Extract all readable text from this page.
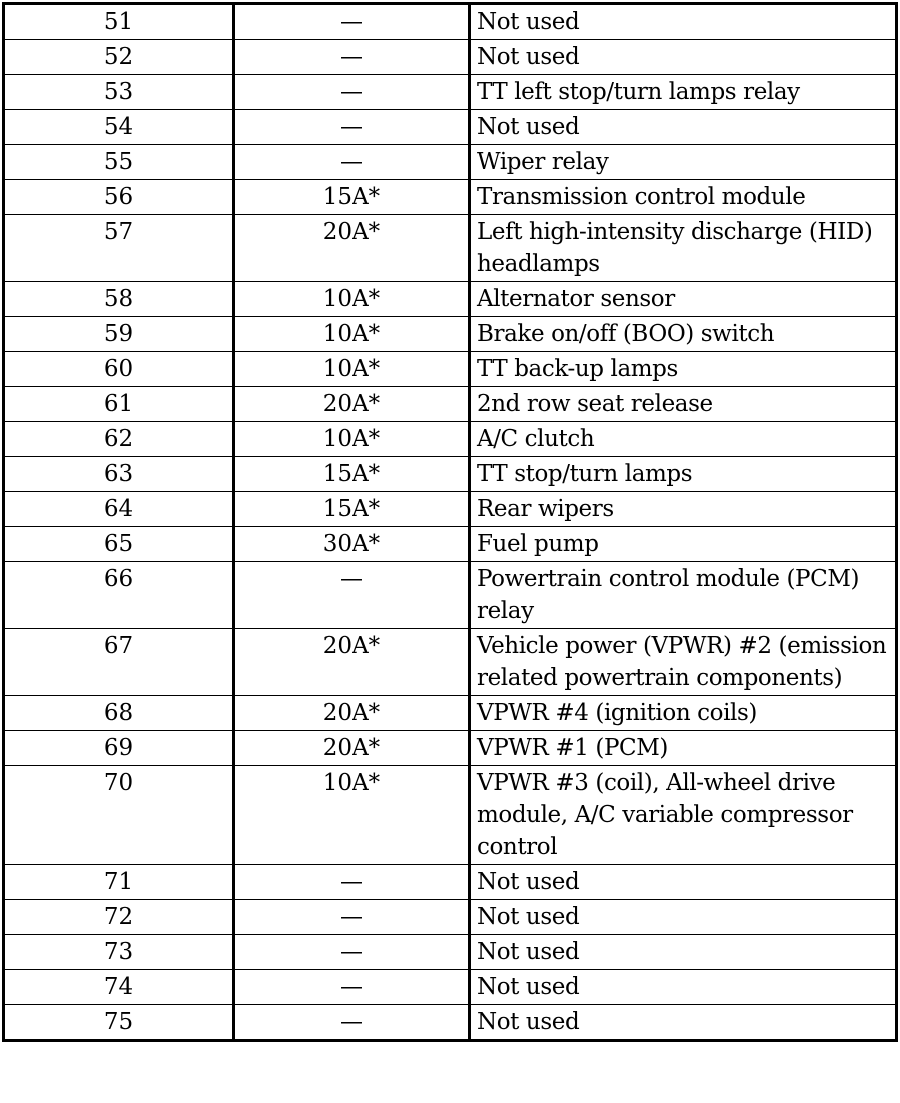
51	—	Not used
52	—	Not used
53	—	TT left stop/turn lamps relay
54	—	Not used
55	—	Wiper relay
56	15A*	Transmission control module
57	20A*	Left high-intensity discharge (HID) headlamps
58	10A*	Alternator sensor
59	10A*	Brake on/off (BOO) switch
60	10A*	TT back-up lamps
61	20A*	2nd row seat release
62	10A*	A/C clutch
63	15A*	TT stop/turn lamps
64	15A*	Rear wipers
65	30A*	Fuel pump
66	—	Powertrain control module (PCM) relay
67	20A*	Vehicle power (VPWR) #2 (emission related powertrain components)
68	20A*	VPWR #4 (ignition coils)
69	20A*	VPWR #1 (PCM)
70	10A*	VPWR #3 (coil), All-wheel drive module, A/C variable compressor control
71	—	Not used
72	—	Not used
73	—	Not used
74	—	Not used
75	—	Not used
